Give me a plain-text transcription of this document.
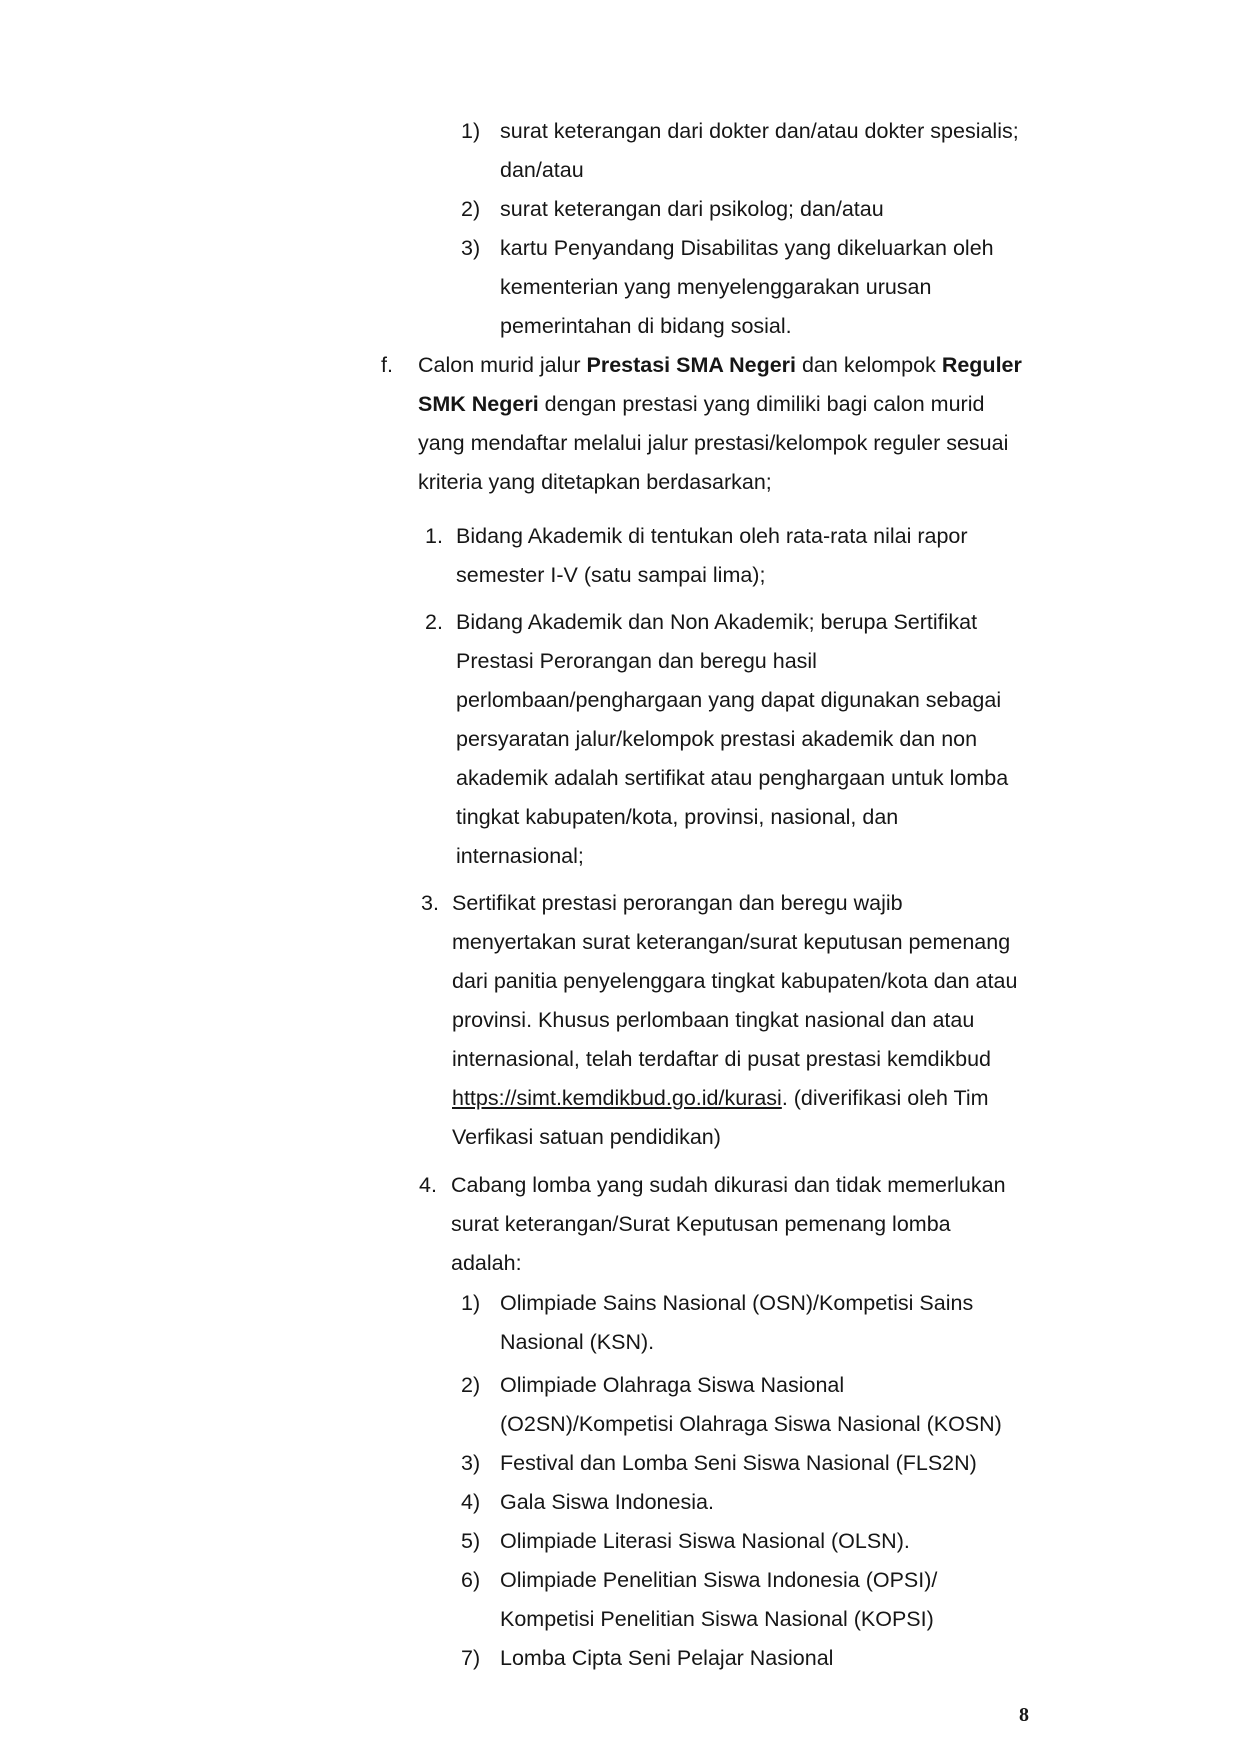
1) surat keterangan dari dokter dan/atau dokter spesialis;
dan/atau
2) surat keterangan dari psikolog; dan/atau
3) kartu Penyandang Disabilitas yang dikeluarkan oleh
kementerian yang menyelenggarakan urusan
pemerintahan di bidang sosial.
f. Calon murid jalur Prestasi SMA Negeri dan kelompok Reguler
SMK Negeri dengan prestasi yang dimiliki bagi calon murid
yang mendaftar melalui jalur prestasi/kelompok reguler sesuai
kriteria yang ditetapkan berdasarkan;
1. Bidang Akademik di tentukan oleh rata-rata nilai rapor
semester I-V (satu sampai lima);
2. Bidang Akademik dan Non Akademik; berupa Sertifikat
Prestasi Perorangan dan beregu hasil
perlombaan/penghargaan yang dapat digunakan sebagai
persyaratan jalur/kelompok prestasi akademik dan non
akademik adalah sertifikat atau penghargaan untuk lomba
tingkat kabupaten/kota, provinsi, nasional, dan
internasional;
3. Sertifikat prestasi perorangan dan beregu wajib
menyertakan surat keterangan/surat keputusan pemenang
dari panitia penyelenggara tingkat kabupaten/kota dan atau
provinsi. Khusus perlombaan tingkat nasional dan atau
internasional, telah terdaftar di pusat prestasi kemdikbud
https://simt.kemdikbud.go.id/kurasi. (diverifikasi oleh Tim
Verfikasi satuan pendidikan)
4. Cabang lomba yang sudah dikurasi dan tidak memerlukan
surat keterangan/Surat Keputusan pemenang lomba
adalah:
1) Olimpiade Sains Nasional (OSN)/Kompetisi Sains
Nasional (KSN).
2) Olimpiade Olahraga Siswa Nasional
(O2SN)/Kompetisi Olahraga Siswa Nasional (KOSN)
3) Festival dan Lomba Seni Siswa Nasional (FLS2N)
4) Gala Siswa Indonesia.
5) Olimpiade Literasi Siswa Nasional (OLSN).
6) Olimpiade Penelitian Siswa Indonesia (OPSI)/
Kompetisi Penelitian Siswa Nasional (KOPSI)
7) Lomba Cipta Seni Pelajar Nasional
8
